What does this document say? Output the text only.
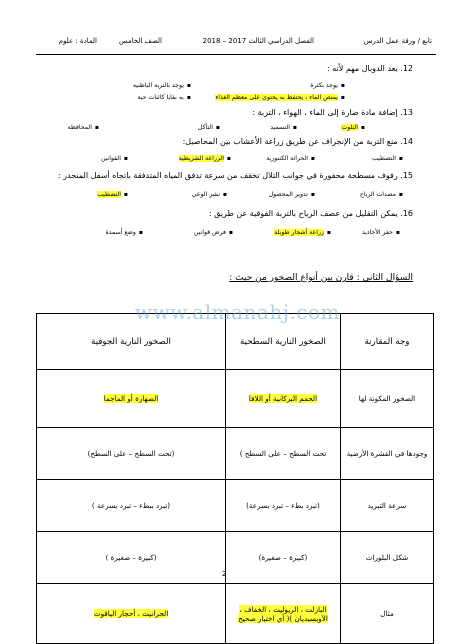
تابع / ورقة عمل الدرس
الفصل الدراسي الثالث 2017 – 2018
الصف الخامس
المادة : علوم
12. يعد الدوبال مهم لأنه :
▪ يوجد بكثرة
▪ يوجد بالتربة الباطنية
▪ يمتص الماء ، يحتفظ به يحتوي على معظم الغذاء
▪ به بقايا كائنات حية
13. إضافة مادة ضارة إلى الماء ، الهواء ، التربة :
▪ التلوث
▪ التسميد
▪ التآكل
▪ المحافظة
14. منع التربة من الإنجراف عن طريق زراعة الأعشاب بين المحاصيل:
▪ التصطيب
▪ الحراثة الكنتورية
▪ الزراعة الشريطية
▪ القوانين
15. رفوف مسطحة محفورة في جوانب التلال تخفف من سرعة تدفق المياه المتدفقة باتجاه أسفل المنحدر :
▪ مصدات الرياح
▪ تدوير المحصول
▪ نشر الوعي
▪ التصطيب
16. يمكن التقليل من عصف الرياح بالتربة الفوقية عن طريق :
▪ حفر الأخاديد
▪ زراعة أشجار طويلة
▪ فرض قوانين
▪ وضع أسمدة
السؤال الثاني : قارن بين أنواع الصخور من حيث :
وجه المقارنة	الصخور النارية السطحية	الصخور النارية الجوفية
الصخور المكونة لها	الحمم البركانية أو اللافا	الصهارة أو الماجما
وجودها في القشرة الأرضية	تحت السطح – على السطح )	(تحت السطح – على السطح)
سرعة التبريد	(تبرد بطء – تبرد بسرعة)	(تبرد ببطء – تبرد بسرعة )
شكل البلورات	(كبيرة – صغيرة)	(كبيرة – صغيرة )
مثال	البازلت ، الريوليت ، الخفاف ، الأوبسيديان )( أي اختيار صحيح	الجرانيت ، أحجار الياقوت
www.almanahj.com
2
